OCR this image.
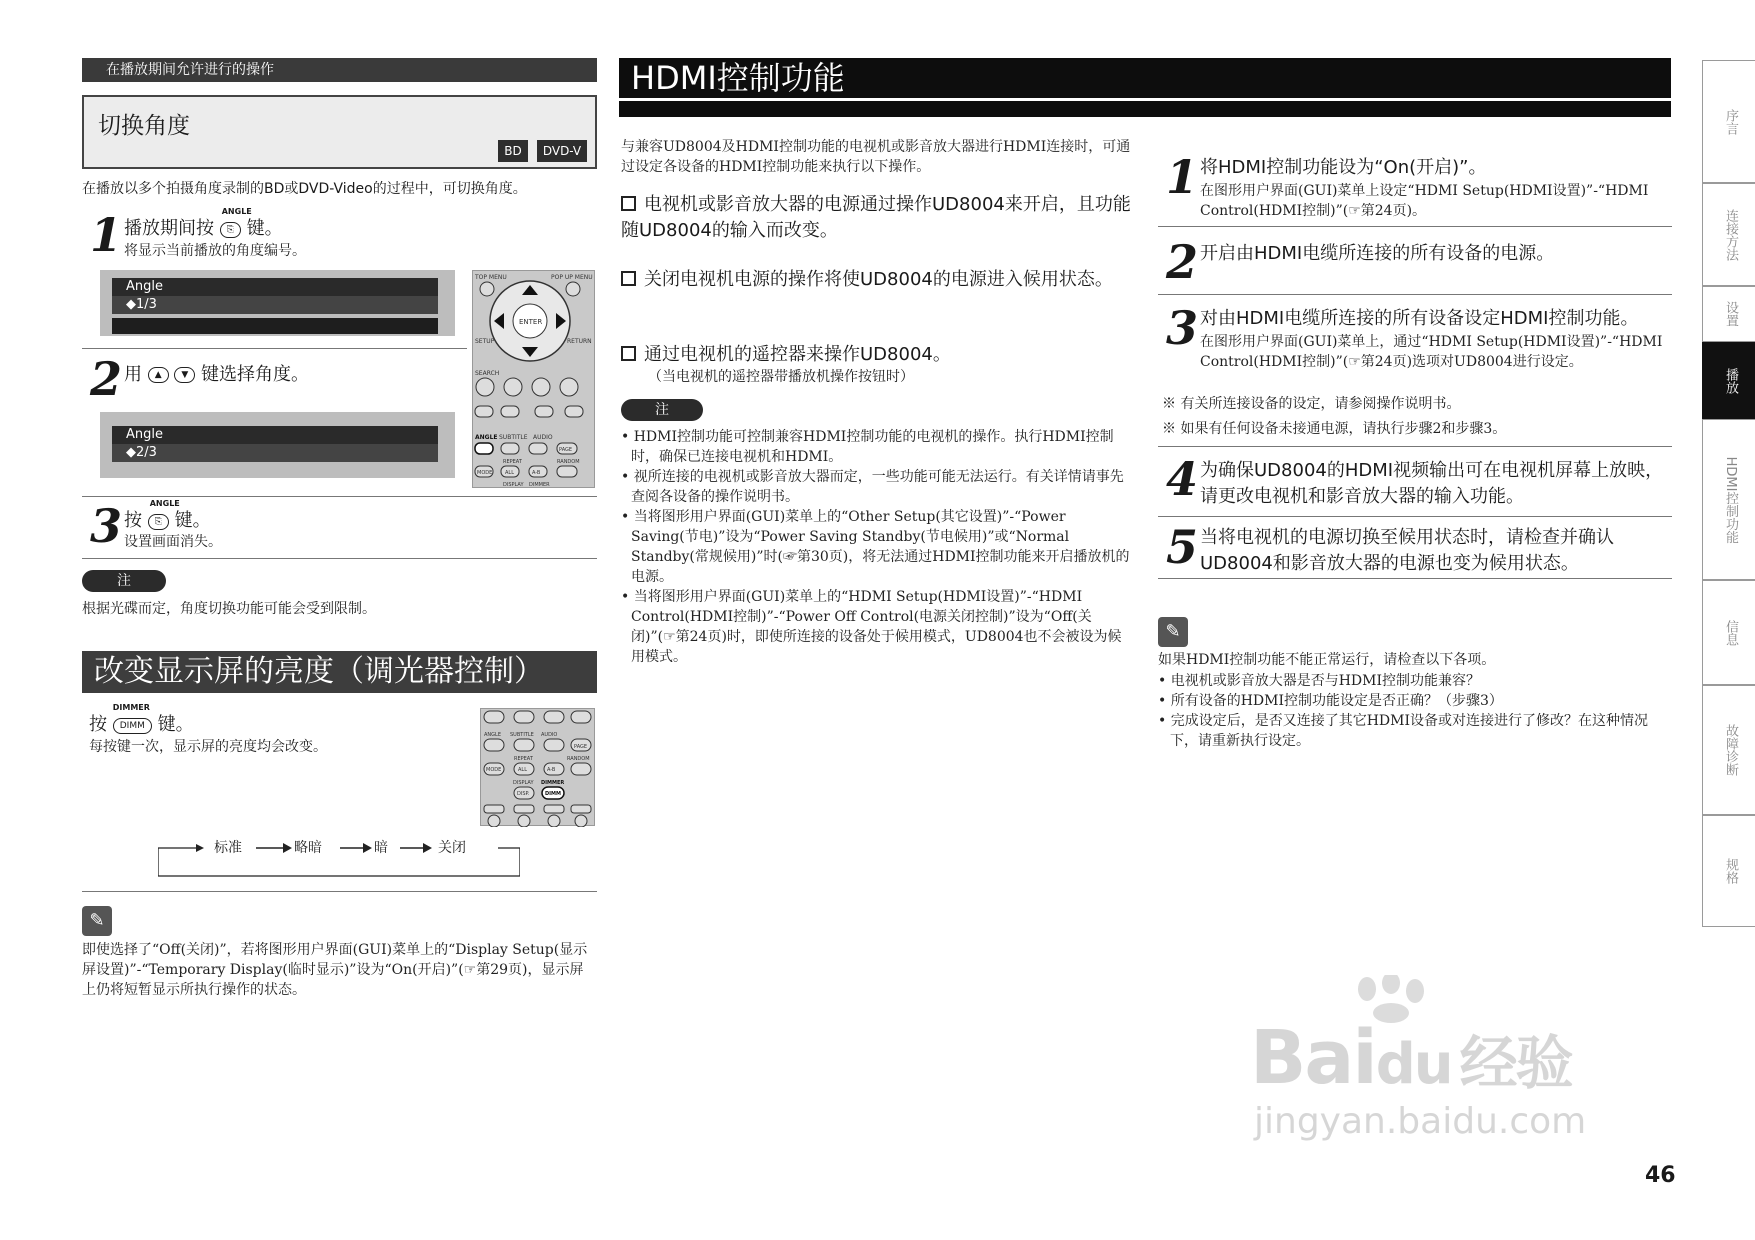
在播放期间允许进行的操作
切换角度
BD	DVD-V
在播放以多个拍摄角度录制的BD或DVD-Video的过程中，可切换角度。
1 播放期间按
ANGLE
⎘ 键。
将显示当前播放的角度编号。
Angle
◆1/3
2 用 ▲ ▼ 键选择角度。
Angle
◆2/3
TOP MENU	POP UP MENU
ENTER
SETUP	RETURN
SEARCH
ANGLE SUBTITLE AUDIO
PAGE
REPEAT	RANDOM
MODE	ALL	A-B
DISPLAY DIMMER
3 按
ANGLE
⎘ 键。
设置画面消失。
注
根据光碟而定，角度切换功能可能会受到限制。
改变显示屏的亮度（调光器控制）
按
DIMMER
DIMM 键。
每按键一次，显示屏的亮度均会改变。
ANGLE SUBTITLE AUDIO
PAGE
REPEAT	RANDOM
MODE	ALL	A-B
DISPLAY DIMMER
DISP.	DIMM
标准	略暗	暗	关闭
✎
即使选择了“Off(关闭)”，若将图形用户界面(GUI)菜单上的“Display Setup(显示屏设置)”-“Temporary Display(临时显示)”设为“On(开启)”(☞第29页)，显示屏上仍将短暂显示所执行操作的状态。
HDMI控制功能
与兼容UD8004及HDMI控制功能的电视机或影音放大器进行HDMI连接时，可通过设定各设备的HDMI控制功能来执行以下操作。
电视机或影音放大器的电源通过操作UD8004来开启，且功能随UD8004的输入而改变。
关闭电视机电源的操作将使UD8004的电源进入候用状态。
通过电视机的遥控器来操作UD8004。
（当电视机的遥控器带播放机操作按钮时）
注
• HDMI控制功能可控制兼容HDMI控制功能的电视机的操作。执行HDMI控制时，确保已连接电视机和HDMI。
• 视所连接的电视机或影音放大器而定，一些功能可能无法运行。有关详情请事先查阅各设备的操作说明书。
• 当将图形用户界面(GUI)菜单上的“Other Setup(其它设置)”-“Power Saving(节电)”设为“Power Saving Standby(节电候用)”或“Normal Standby(常规候用)”时(☞第30页)，将无法通过HDMI控制功能来开启播放机的电源。
• 当将图形用户界面(GUI)菜单上的“HDMI Setup(HDMI设置)”-“HDMI Control(HDMI控制)”-“Power Off Control(电源关闭控制)”设为“Off(关闭)”(☞第24页)时，即使所连接的设备处于候用模式，UD8004也不会被设为候用模式。
1 将HDMI控制功能设为“On(开启)”。
在图形用户界面(GUI)菜单上设定“HDMI Setup(HDMI设置)”-“HDMI Control(HDMI控制)”(☞第24页)。
2 开启由HDMI电缆所连接的所有设备的电源。
3 对由HDMI电缆所连接的所有设备设定HDMI控制功能。
在图形用户界面(GUI)菜单上，通过“HDMI Setup(HDMI设置)”-“HDMI Control(HDMI控制)”(☞第24页)选项对UD8004进行设定。
※ 有关所连接设备的设定，请参阅操作说明书。
※ 如果有任何设备未接通电源，请执行步骤2和步骤3。
4 为确保UD8004的HDMI视频输出可在电视机屏幕上放映，请更改电视机和影音放大器的输入功能。
5 当将电视机的电源切换至候用状态时，请检查并确认UD8004和影音放大器的电源也变为候用状态。
✎
如果HDMI控制功能不能正常运行，请检查以下各项。
• 电视机或影音放大器是否与HDMI控制功能兼容？
• 所有设备的HDMI控制功能设定是否正确？（步骤3）
• 完成设定后，是否又连接了其它HDMI设备或对连接进行了修改？在这种情况下，请重新执行设定。
序言
连接方法
设置
播放
HDMI控制功能
信息
故障诊断
规格
Baidu 经验
jingyan.baidu.com
46
